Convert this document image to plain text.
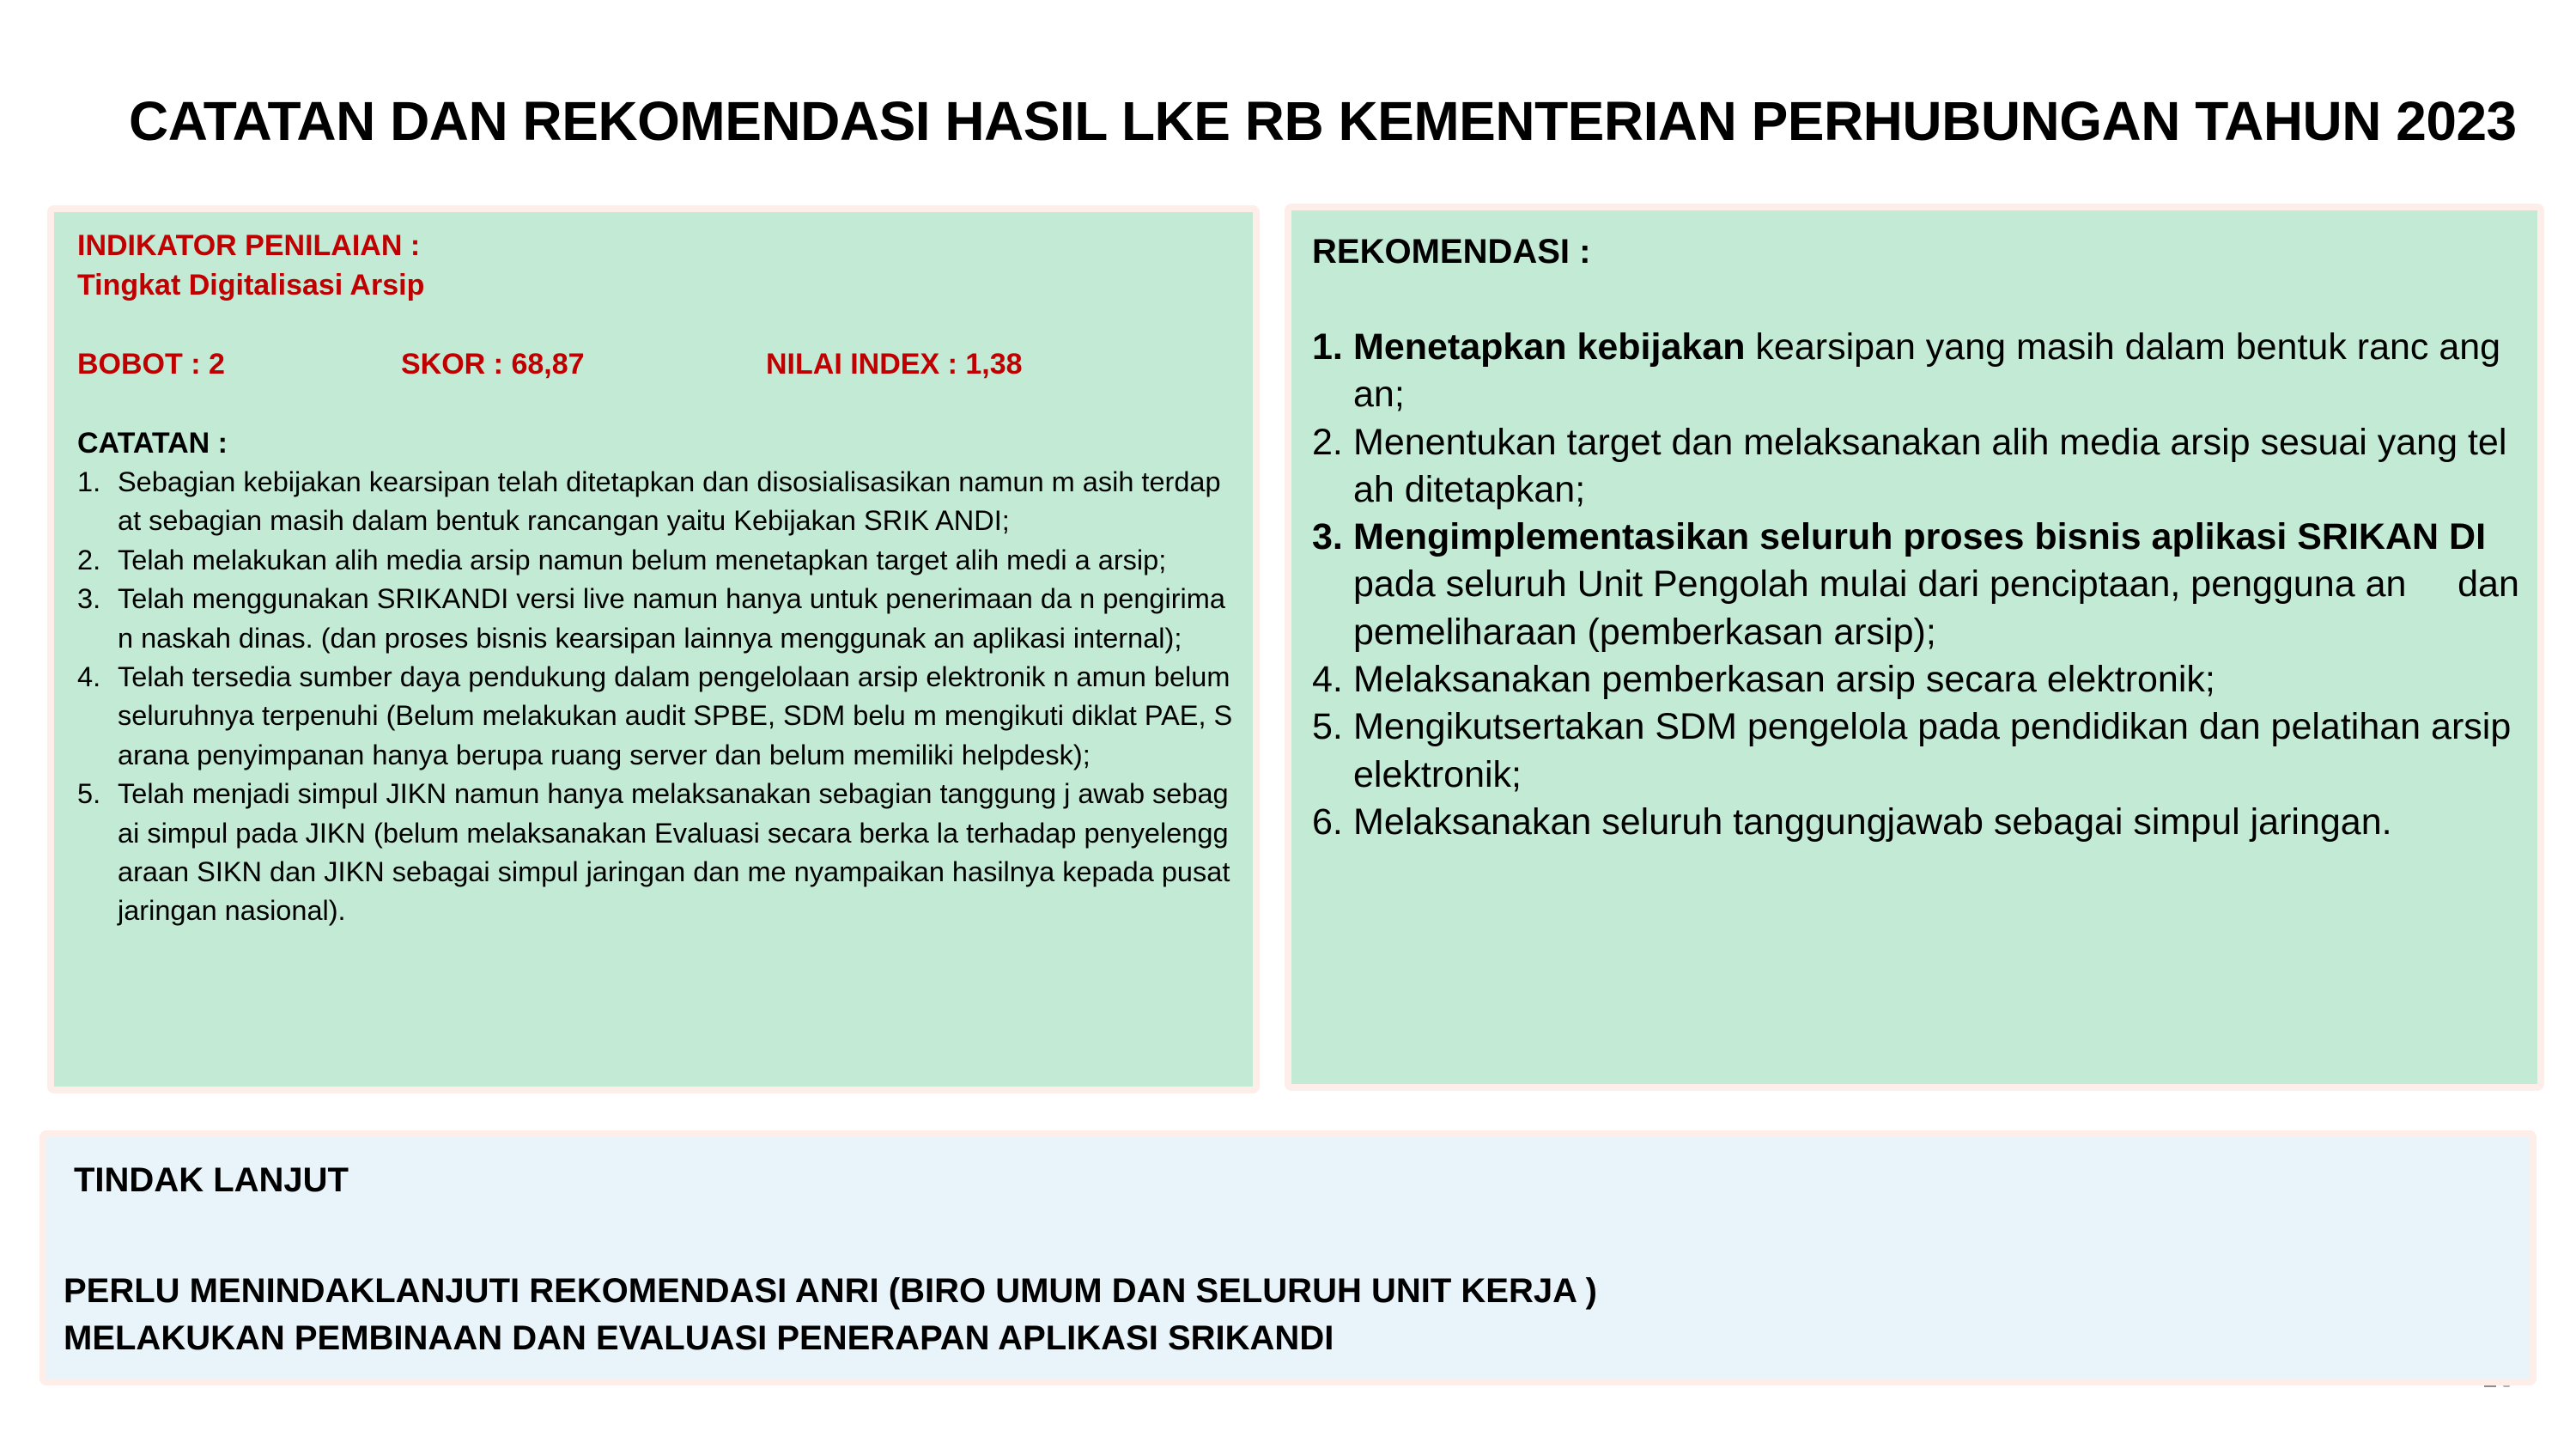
CATATAN DAN REKOMENDASI HASIL LKE RB KEMENTERIAN PERHUBUNGAN TAHUN 2023
INDIKATOR PENILAIAN :
Tingkat Digitalisasi Arsip
BOBOT : 2	SKOR : 68,87	NILAI INDEX : 1,38
CATATAN :
1. Sebagian kebijakan kearsipan telah ditetapkan dan disosialisasikan namun m asih terdapat sebagian masih dalam bentuk rancangan yaitu Kebijakan SRIK ANDI;
2. Telah melakukan alih media arsip namun belum menetapkan target alih medi a arsip;
3. Telah menggunakan SRIKANDI versi live namun hanya untuk penerimaan da n pengiriman naskah dinas. (dan proses bisnis kearsipan lainnya menggunak an aplikasi internal);
4. Telah tersedia sumber daya pendukung dalam pengelolaan arsip elektronik n amun belum seluruhnya terpenuhi (Belum melakukan audit SPBE, SDM belu m mengikuti diklat PAE, Sarana penyimpanan hanya berupa ruang server dan belum memiliki helpdesk);
5. Telah menjadi simpul JIKN namun hanya melaksanakan sebagian tanggung j awab sebagai simpul pada JIKN (belum melaksanakan Evaluasi secara berka la terhadap penyelenggaraan SIKN dan JIKN sebagai simpul jaringan dan me nyampaikan hasilnya kepada pusat jaringan nasional).
REKOMENDASI :
1. Menetapkan kebijakan kearsipan yang masih dalam bentuk ranc angan;
2. Menentukan target dan melaksanakan alih media arsip sesuai yang telah ditetapkan;
3. Mengimplementasikan seluruh proses bisnis aplikasi SRIKAN DI   pada seluruh Unit Pengolah mulai dari penciptaan, pengguna an     dan pemeliharaan (pemberkasan arsip);
4. Melaksanakan pemberkasan arsip secara elektronik;
5. Mengikutsertakan SDM pengelola pada pendidikan dan pelatihan arsip elektronik;
6. Melaksanakan seluruh tanggungjawab sebagai simpul jaringan.
TINDAK LANJUT
PERLU MENINDAKLANJUTI REKOMENDASI ANRI (BIRO UMUM DAN SELURUH UNIT KERJA )
MELAKUKAN PEMBINAAN DAN EVALUASI PENERAPAN APLIKASI SRIKANDI
